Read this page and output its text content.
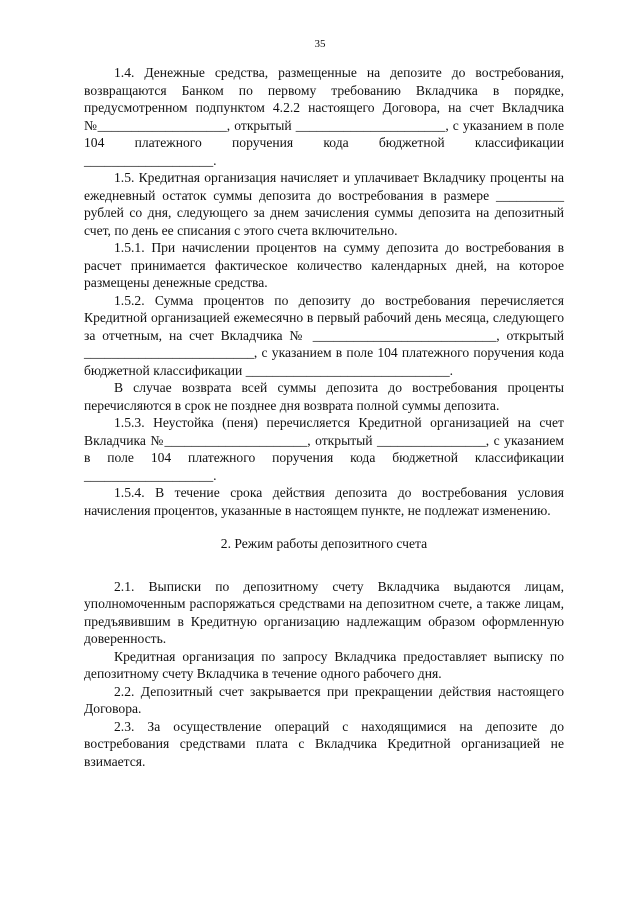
35

1.4. Денежные средства, размещенные на депозите до востребования, возвращаются Банком по первому требованию Вкладчика в порядке, предусмотренном подпунктом 4.2.2 настоящего Договора, на счет Вкладчика №___________________, открытый ______________________, с указанием в поле 104 платежного поручения кода бюджетной классификации ___________________.

1.5. Кредитная организация начисляет и уплачивает Вкладчику проценты на ежедневный остаток суммы депозита до востребования в размере __________ рублей со дня, следующего за днем зачисления суммы депозита на депозитный счет, по день ее списания с этого счета включительно.

1.5.1. При начислении процентов на сумму депозита до востребования в расчет принимается фактическое количество календарных дней, на которое размещены денежные средства.

1.5.2. Сумма процентов по депозиту до востребования перечисляется Кредитной организацией ежемесячно в первый рабочий день месяца, следующего за отчетным, на счет Вкладчика № ___________________________, открытый _________________________, с указанием в поле 104 платежного поручения кода бюджетной классификации ______________________________.

В случае возврата всей суммы депозита до востребования проценты перечисляются в срок не позднее дня возврата полной суммы депозита.

1.5.3. Неустойка (пеня) перечисляется Кредитной организацией на счет Вкладчика №_____________________, открытый ________________, с указанием в поле 104 платежного поручения кода бюджетной классификации ___________________.

1.5.4. В течение срока действия депозита до востребования условия начисления процентов, указанные в настоящем пункте, не подлежат изменению.

2. Режим работы депозитного счета

2.1. Выписки по депозитному счету Вкладчика выдаются лицам, уполномоченным распоряжаться средствами на депозитном счете, а также лицам, предъявившим в Кредитную организацию надлежащим образом оформленную доверенность.

Кредитная организация по запросу Вкладчика предоставляет выписку по депозитному счету Вкладчика в течение одного рабочего дня.

2.2. Депозитный счет закрывается при прекращении действия настоящего Договора.

2.3. За осуществление операций с находящимися на депозите до востребования средствами плата с Вкладчика Кредитной организацией не взимается.
